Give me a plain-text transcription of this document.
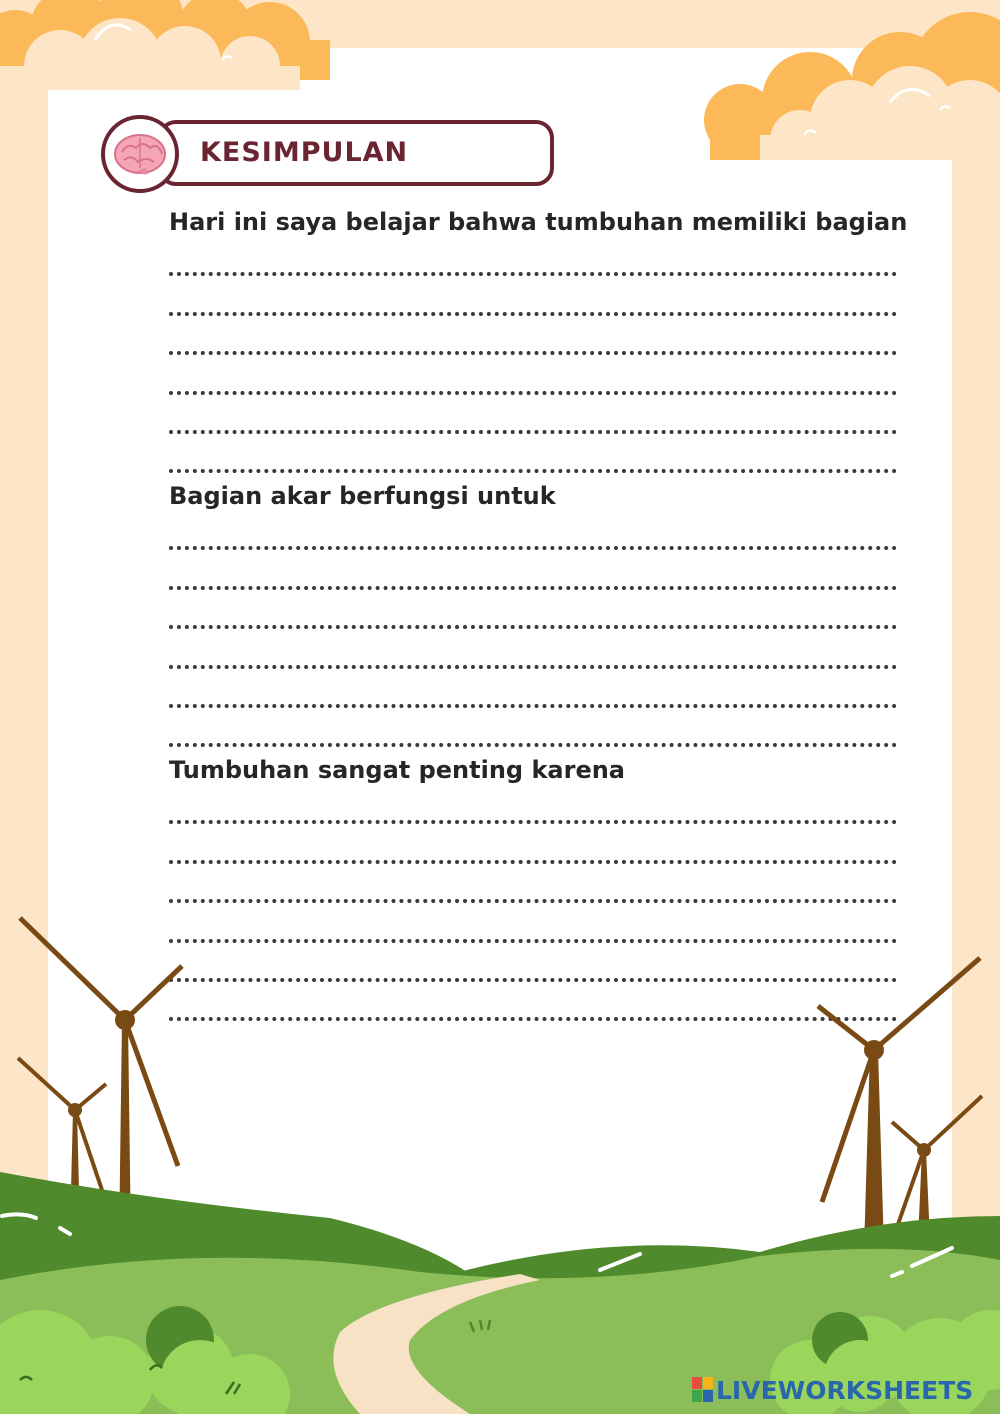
KESIMPULAN
Hari ini saya belajar bahwa tumbuhan memiliki bagian
Bagian akar berfungsi untuk
Tumbuhan sangat penting karena
LIVEWORKSHEETS
